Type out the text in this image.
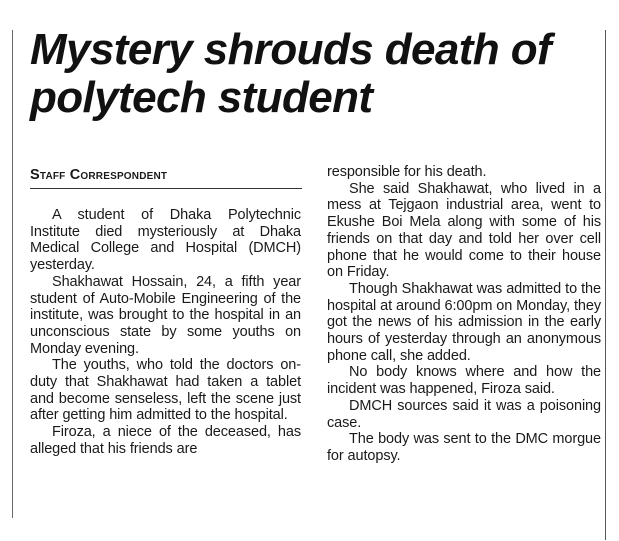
Mystery shrouds death of polytech student
Staff Correspondent

A student of Dhaka Polytechnic Institute died mysteriously at Dhaka Medical College and Hospital (DMCH) yesterday.

Shakhawat Hossain, 24, a fifth year student of Auto-Mobile Engineering of the institute, was brought to the hospital in an unconscious state by some youths on Monday evening.

The youths, who told the doctors on-duty that Shakhawat had taken a tablet and become senseless, left the scene just after getting him admitted to the hospital.

Firoza, a niece of the deceased, has alleged that his friends are

responsible for his death.

She said Shakhawat, who lived in a mess at Tejgaon industrial area, went to Ekushe Boi Mela along with some of his friends on that day and told her over cell phone that he would come to their house on Friday.

Though Shakhawat was admitted to the hospital at around 6:00pm on Monday, they got the news of his admission in the early hours of yesterday through an anonymous phone call, she added.

No body knows where and how the incident was happened, Firoza said.

DMCH sources said it was a poisoning case.

The body was sent to the DMC morgue for autopsy.
